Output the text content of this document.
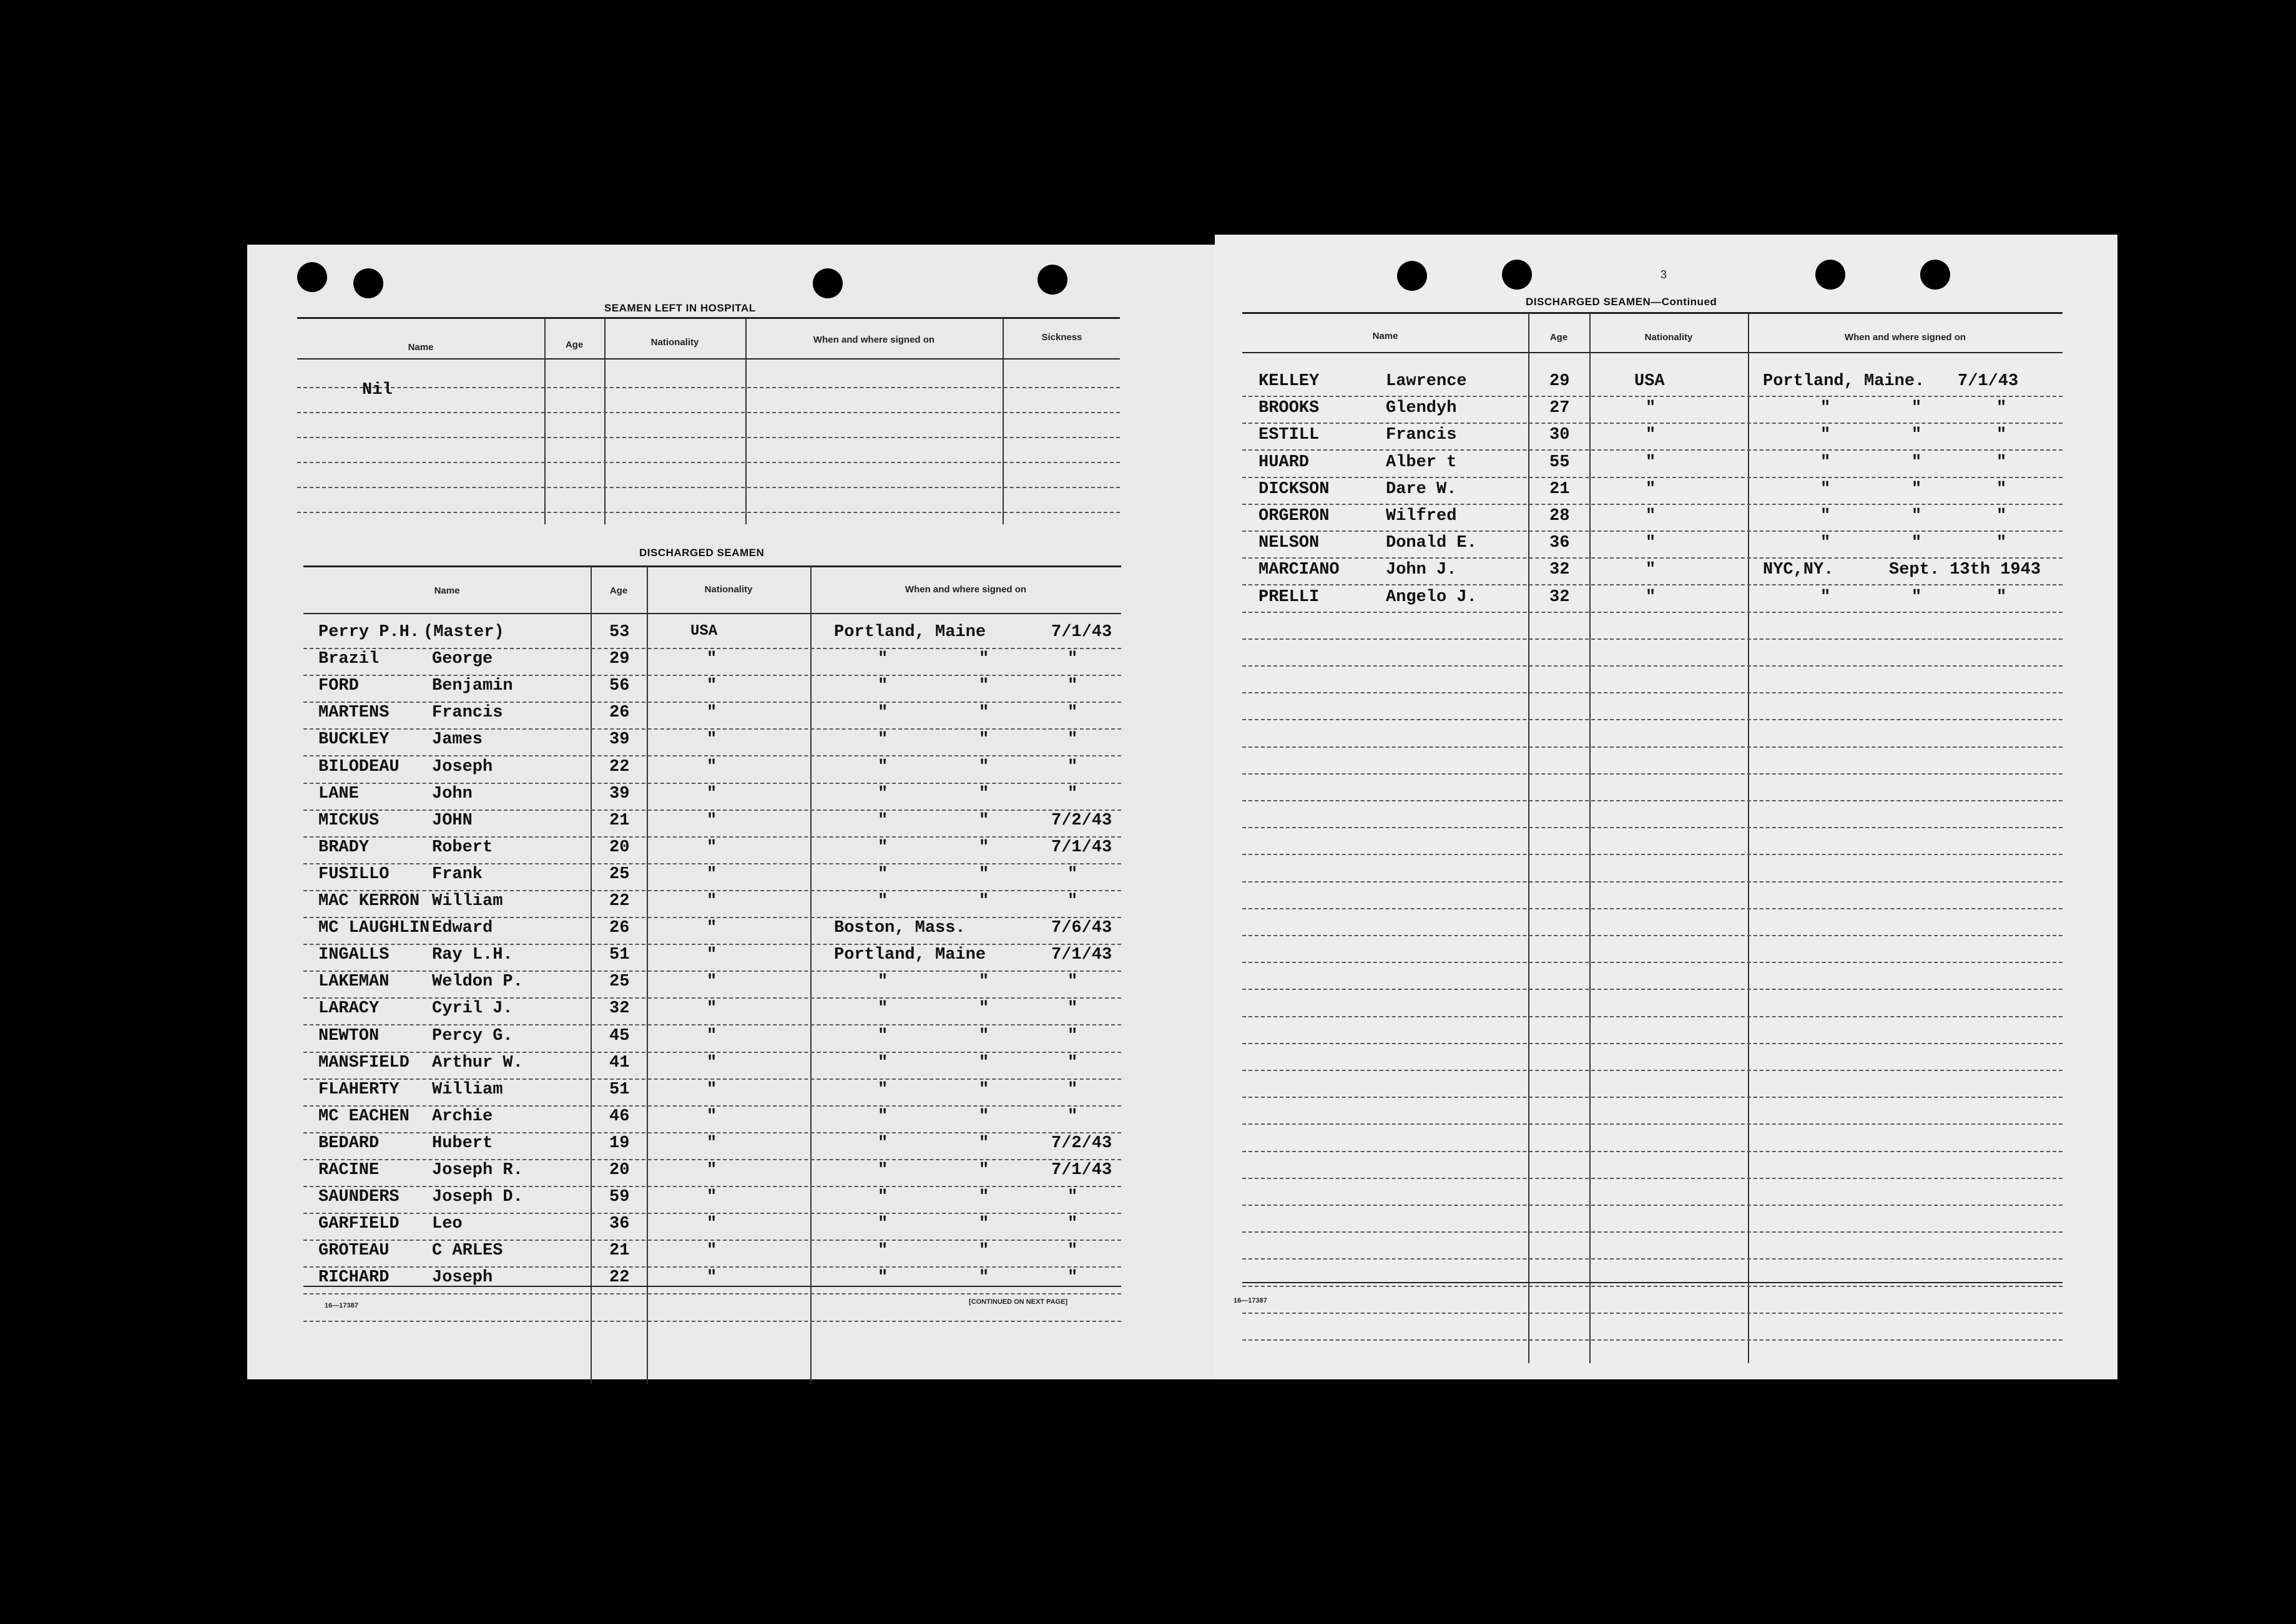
SEAMEN LEFT IN HOSPITAL
Name	Age	Nationality	When and where signed on	Sickness
Nil
DISCHARGED SEAMEN
Name	Age	Nationality	When and where signed on
Perry P.H. (Master)	53	USA	Portland, Maine	7/1/43
Brazil	George	29	"	"	"	"
FORD	Benjamin	56	"	"	"	"
MARTENS	Francis	26	"	"	"	"
BUCKLEY	James	39	"	"	"	"
BILODEAU Joseph	22	"	"	"	"
LANE	John	39	"	"	"	"
MICKUS	JOHN	21	"	"	"	7/2/43
BRADY	Robert	20	"	"	"	7/1/43
FUSILLO	Frank	25	"	"	"	"
MAC KERRON William	22	"	"	"	"
MC LAUGHLIN Edward	26	"	Boston, Mass.	7/6/43
INGALLS	Ray L.H.	51	"	Portland, Maine	7/1/43
LAKEMAN	Weldon P.	25	"	"	"	"
LARACY	Cyril J.	32	"	"	"	"
NEWTON	Percy G.	45	"	"	"	"
MANSFIELD Arthur W.	41	"	"	"	"
FLAHERTY William	51	"	"	"	"
MC EACHEN Archie	46	"	"	"	"
BEDARD	Hubert	19	"	"	"	7/2/43
RACINE	Joseph R.	20	"	"	"	7/1/43
SAUNDERS Joseph D.	59	"	"	"	"
GARFIELD Leo	36	"	"	"	"
GROTEAU	C ARLES	21	"	"	"	"
RICHARD	Joseph	22	"	"	"	"
16—17387	[CONTINUED ON NEXT PAGE]
3
DISCHARGED SEAMEN—Continued
Name	Age	Nationality	When and where signed on
KELLEY	Lawrence	29	USA	Portland, Maine. 7/1/43
BROOKS	Glendyh	27	"	"	"	"
ESTILL	Francis	30	"	"	"	"
HUARD	Alber t	55	"	"	"	"
DICKSON	Dare W.	21	"	"	"	"
ORGERON	Wilfred	28	"	"	"	"
NELSON	Donald E.	36	"	"	"	"
MARCIANO	John J.	32	"	NYC,NY.	Sept. 13th 1943
PRELLI	Angelo J.	32	"	"	"	"
16—17387
